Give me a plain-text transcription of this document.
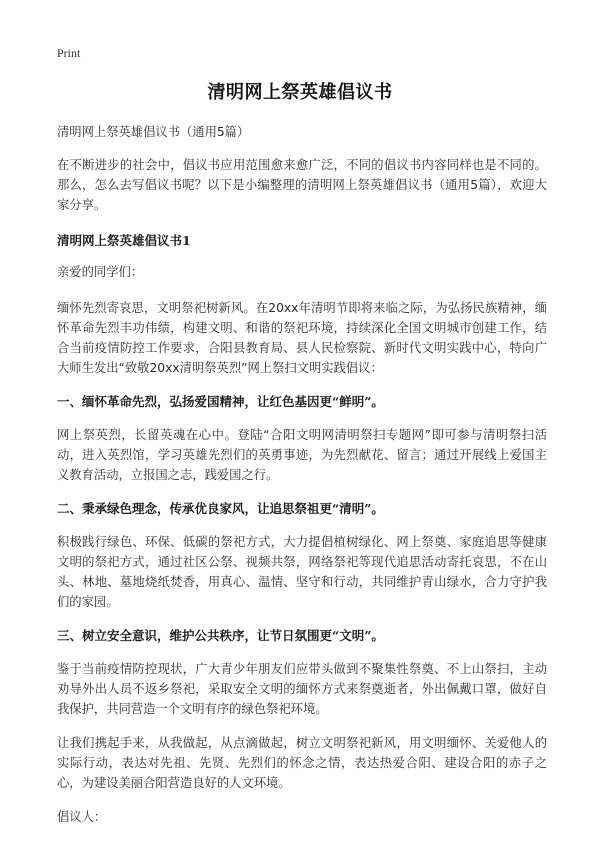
Print
清明网上祭英雄倡议书

清明网上祭英雄倡议书（通用5篇）

在不断进步的社会中，倡议书应用范围愈来愈广泛，不同的倡议书内容同样也是不同的。那么，怎么去写倡议书呢？以下是小编整理的清明网上祭英雄倡议书（通用5篇），欢迎大家分享。

清明网上祭英雄倡议书1

亲爱的同学们：

缅怀先烈寄哀思，文明祭祀树新风。在20xx年清明节即将来临之际，为弘扬民族精神，缅怀革命先烈丰功伟绩，构建文明、和谐的祭祀环境，持续深化全国文明城市创建工作，结合当前疫情防控工作要求，合阳县教育局、县人民检察院、新时代文明实践中心，特向广大师生发出“致敬20xx清明祭英烈”网上祭扫文明实践倡议：

一、缅怀革命先烈，弘扬爱国精神，让红色基因更“鲜明”。

网上祭英烈，长留英魂在心中。登陆“合阳文明网清明祭扫专题网”即可参与清明祭扫活动，进入英烈馆，学习英雄先烈们的英勇事迹，为先烈献花、留言；通过开展线上爱国主义教育活动，立报国之志，践爱国之行。

二、秉承绿色理念，传承优良家风，让追思祭祖更“清明”。

积极践行绿色、环保、低碳的祭祀方式，大力提倡植树绿化、网上祭奠、家庭追思等健康文明的祭祀方式，通过社区公祭、视频共祭，网络祭祀等现代追思活动寄托哀思，不在山头、林地、墓地烧纸焚香，用真心、温情、坚守和行动，共同维护青山绿水，合力守护我们的家园。

三、树立安全意识，维护公共秩序，让节日氛围更“文明”。

鉴于当前疫情防控现状，广大青少年朋友们应带头做到不聚集性祭奠、不上山祭扫，主动劝导外出人员不返乡祭祀，采取安全文明的缅怀方式来祭奠逝者，外出佩戴口罩，做好自我保护，共同营造一个文明有序的绿色祭祀环境。

让我们携起手来，从我做起，从点滴做起，树立文明祭祀新风，用文明缅怀、关爱他人的实际行动，表达对先祖、先贤、先烈们的怀念之情，表达热爱合阳、建设合阳的赤子之心，为建设美丽合阳营造良好的人文环境。

倡议人：
